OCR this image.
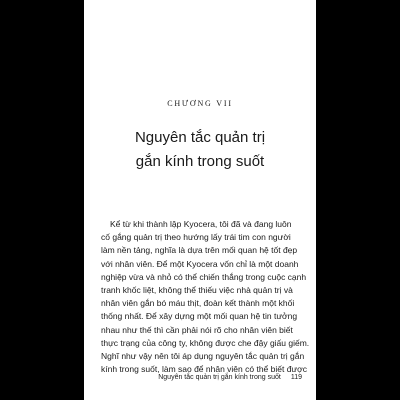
CHƯƠNG VII
Nguyên tắc quản trị
gắn kính trong suốt
Kể từ khi thành lập Kyocera, tôi đã và đang luôn
cố gắng quản trị theo hướng lấy trái tim con người
làm nền tảng, nghĩa là dựa trên mối quan hệ tốt đẹp
với nhân viên. Để một Kyocera vốn chỉ là một doanh
nghiệp vừa và nhỏ có thể chiến thắng trong cuộc cạnh
tranh khốc liệt, không thể thiếu việc nhà quản trị và
nhân viên gắn bó máu thịt, đoàn kết thành một khối
thống nhất. Để xây dựng một mối quan hệ tin tưởng
nhau như thế thì cần phải nói rõ cho nhân viên biết
thực trạng của công ty, không được che đậy giấu giếm.
Nghĩ như vậy nên tôi áp dụng nguyên tắc quản trị gắn
kính trong suốt, làm sao để nhân viên có thể biết được
Nguyên tắc quản trị gắn kính trong suốt 119
